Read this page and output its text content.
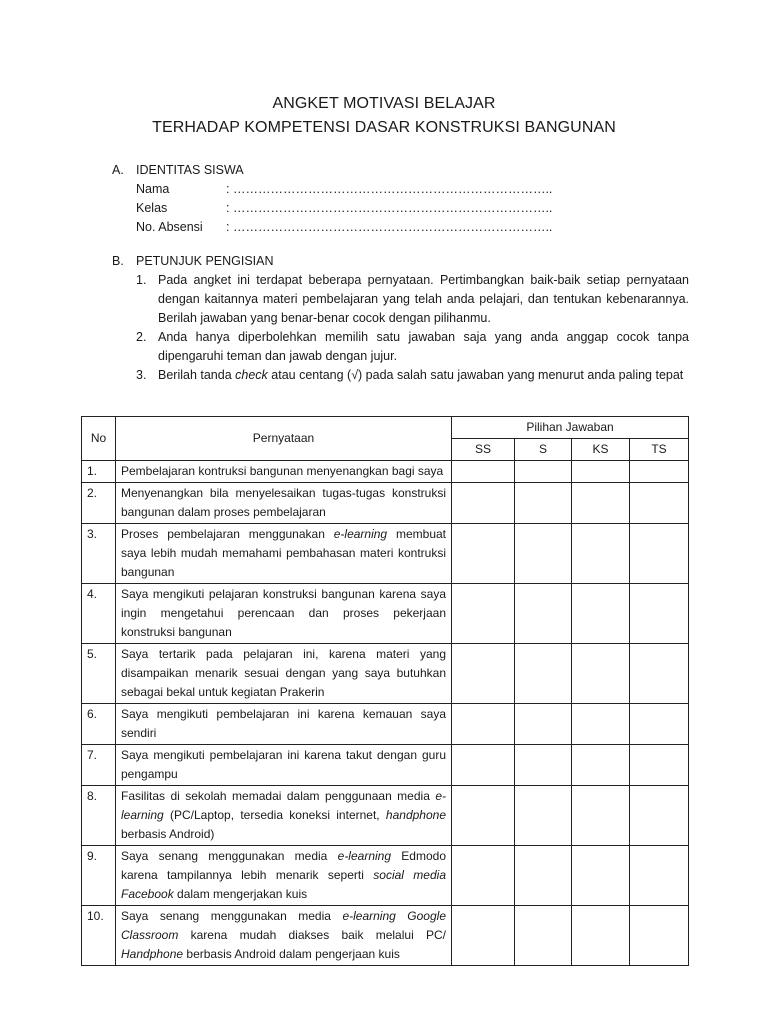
ANGKET MOTIVASI BELAJAR
TERHADAP KOMPETENSI DASAR KONSTRUKSI BANGUNAN
A. IDENTITAS SISWA
Nama	: …………………………………………………………………..
Kelas	: …………………………………………………………………..
No. Absensi	: …………………………………………………………………..
B. PETUNJUK PENGISIAN
1. Pada angket ini terdapat beberapa pernyataan. Pertimbangkan baik-baik setiap pernyataan dengan kaitannya materi pembelajaran yang telah anda pelajari, dan tentukan kebenarannya. Berilah jawaban yang benar-benar cocok dengan pilihanmu.
2. Anda hanya diperbolehkan memilih satu jawaban saja yang anda anggap cocok tanpa dipengaruhi teman dan jawab dengan jujur.
3. Berilah tanda check atau centang (√) pada salah satu jawaban yang menurut anda paling tepat
No	Pernyataan	Pilihan Jawaban			
		SS	S	KS	TS
1.	Pembelajaran kontruksi bangunan menyenangkan bagi saya				
2.	Menyenangkan bila menyelesaikan tugas-tugas konstruksi bangunan dalam proses pembelajaran				
3.	Proses pembelajaran menggunakan e-learning membuat saya lebih mudah memahami pembahasan materi kontruksi bangunan				
4.	Saya mengikuti pelajaran konstruksi bangunan karena saya ingin mengetahui perencaan dan proses pekerjaan konstruksi bangunan				
5.	Saya tertarik pada pelajaran ini, karena materi yang disampaikan menarik sesuai dengan yang saya butuhkan sebagai bekal untuk kegiatan Prakerin				
6.	Saya mengikuti pembelajaran ini karena kemauan saya sendiri				
7.	Saya mengikuti pembelajaran ini karena takut dengan guru pengampu				
8.	Fasilitas di sekolah memadai dalam penggunaan media e-learning (PC/Laptop, tersedia koneksi internet, handphone berbasis Android)				
9.	Saya senang menggunakan media e-learning Edmodo karena tampilannya lebih menarik seperti social media Facebook dalam mengerjakan kuis				
10.	Saya senang menggunakan media e-learning Google Classroom karena mudah diakses baik melalui PC/ Handphone berbasis Android dalam pengerjaan kuis				
